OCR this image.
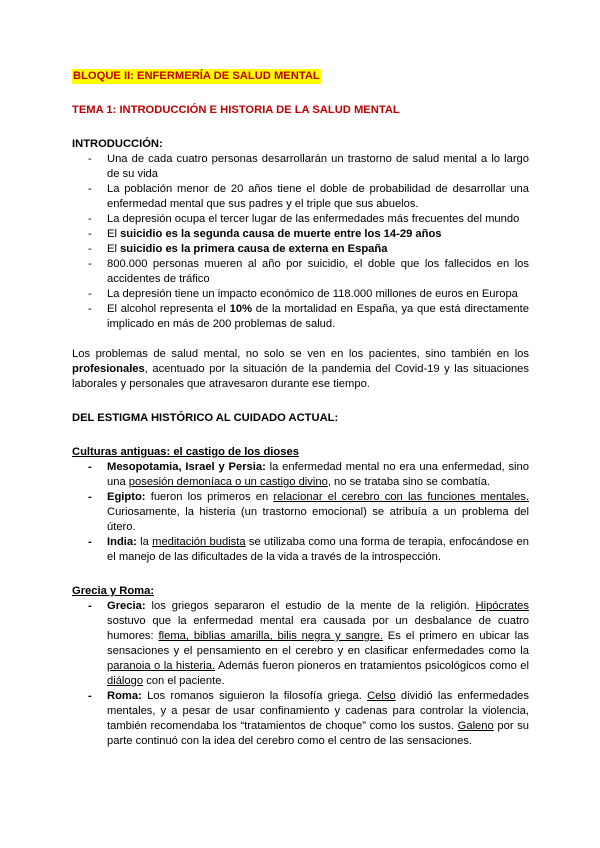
BLOQUE II: ENFERMERÍA DE SALUD MENTAL
TEMA 1: INTRODUCCIÓN E HISTORIA DE LA SALUD MENTAL
INTRODUCCIÓN:
- Una de cada cuatro personas desarrollarán un trastorno de salud mental a lo largo de su vida
- La población menor de 20 años tiene el doble de probabilidad de desarrollar una enfermedad mental que sus padres y el triple que sus abuelos.
- La depresión ocupa el tercer lugar de las enfermedades más frecuentes del mundo
- El suicidio es la segunda causa de muerte entre los 14-29 años
- El suicidio es la primera causa de externa en España
- 800.000 personas mueren al año por suicidio, el doble que los fallecidos en los accidentes de tráfico
- La depresión tiene un impacto económico de 118.000 millones de euros en Europa
- El alcohol representa el 10% de la mortalidad en España, ya que está directamente implicado en más de 200 problemas de salud.

Los problemas de salud mental, no solo se ven en los pacientes, sino también en los profesionales, acentuado por la situación de la pandemia del Covid-19 y las situaciones laborales y personales que atravesaron durante ese tiempo.

DEL ESTIGMA HISTÓRICO AL CUIDADO ACTUAL:
Culturas antiguas: el castigo de los dioses
- Mesopotamia, Israel y Persia: la enfermedad mental no era una enfermedad, sino una posesión demoníaca o un castigo divino, no se trataba sino se combatía.
- Egipto: fueron los primeros en relacionar el cerebro con las funciones mentales. Curiosamente, la histeria (un trastorno emocional) se atribuía a un problema del útero.
- India: la meditación budista se utilizaba como una forma de terapia, enfocándose en el manejo de las dificultades de la vida a través de la introspección.
Grecia y Roma:
- Grecia: los griegos separaron el estudio de la mente de la religión. Hipócrates sostuvo que la enfermedad mental era causada por un desbalance de cuatro humores: flema, biblias amarilla, bilis negra y sangre. Es el primero en ubicar las sensaciones y el pensamiento en el cerebro y en clasificar enfermedades como la paranoia o la histeria. Además fueron pioneros en tratamientos psicológicos como el diálogo con el paciente.
- Roma: Los romanos siguieron la filosofía griega. Celso dividió las enfermedades mentales, y a pesar de usar confinamiento y cadenas para controlar la violencia, también recomendaba los “tratamientos de choque” como los sustos. Galeno por su parte continuó con la idea del cerebro como el centro de las sensaciones.
